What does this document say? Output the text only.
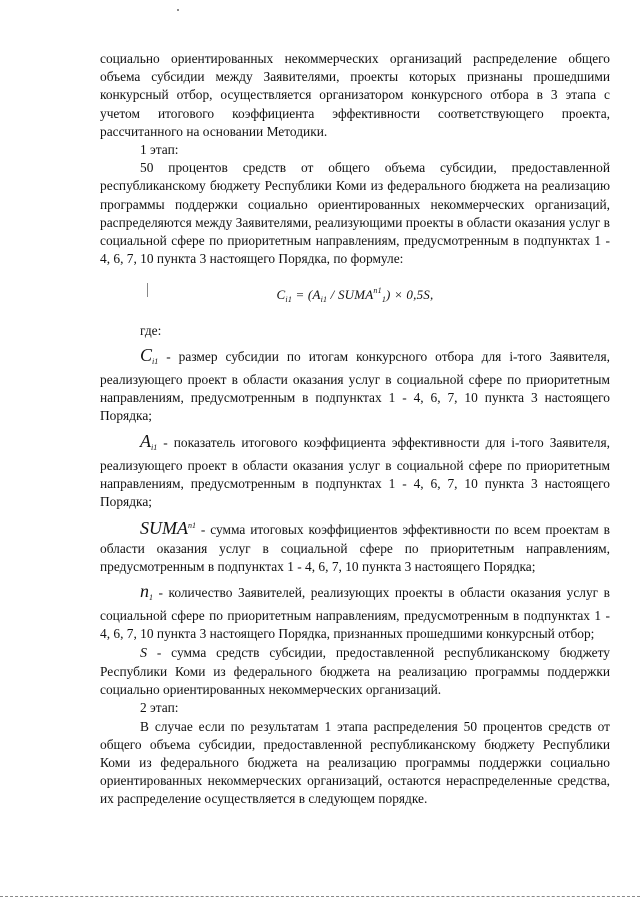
социально ориентированных некоммерческих организаций распределение общего объема субсидии между Заявителями, проекты которых признаны прошедшими конкурсный отбор, осуществляется организатором конкурсного отбора в 3 этапа с учетом итогового коэффициента эффективности соответствующего проекта, рассчитанного на основании Методики.

1 этап:

50 процентов средств от общего объема субсидии, предоставленной республиканскому бюджету Республики Коми из федерального бюджета на реализацию программы поддержки социально ориентированных некоммерческих организаций, распределяются между Заявителями, реализующими проекты в области оказания услуг в социальной сфере по приоритетным направлениям, предусмотренным в подпунктах 1 - 4, 6, 7, 10 пункта 3 настоящего Порядка, по формуле:

$C_{i1} = (A_{i1}$ / $SUMA^{n1}_1) \times 0,5S$,

где:

$C_{i1}$ - размер субсидии по итогам конкурсного отбора для i-того Заявителя, реализующего проект в области оказания услуг в социальной сфере по приоритетным направлениям, предусмотренным в подпунктах 1 - 4, 6, 7, 10 пункта 3 настоящего Порядка;

$A_{i1}$ - показатель итогового коэффициента эффективности для i-того Заявителя, реализующего проект в области оказания услуг в социальной сфере по приоритетным направлениям, предусмотренным в подпунктах 1 - 4, 6, 7, 10 пункта 3 настоящего Порядка;

$SUMA^{n1}$ - сумма итоговых коэффициентов эффективности по всем проектам в области оказания услуг в социальной сфере по приоритетным направлениям, предусмотренным в подпунктах 1 - 4, 6, 7, 10 пункта 3 настоящего Порядка;

$n_1$ - количество Заявителей, реализующих проекты в области оказания услуг в социальной сфере по приоритетным направлениям, предусмотренным в подпунктах 1 - 4, 6, 7, 10 пункта 3 настоящего Порядка, признанных прошедшими конкурсный отбор;

S - сумма средств субсидии, предоставленной республиканскому бюджету Республики Коми из федерального бюджета на реализацию программы поддержки социально ориентированных некоммерческих организаций.

2 этап:

В случае если по результатам 1 этапа распределения 50 процентов средств от общего объема субсидии, предоставленной республиканскому бюджету Республики Коми из федерального бюджета на реализацию программы поддержки социально ориентированных некоммерческих организаций, остаются нераспределенные средства, их распределение осуществляется в следующем порядке.
